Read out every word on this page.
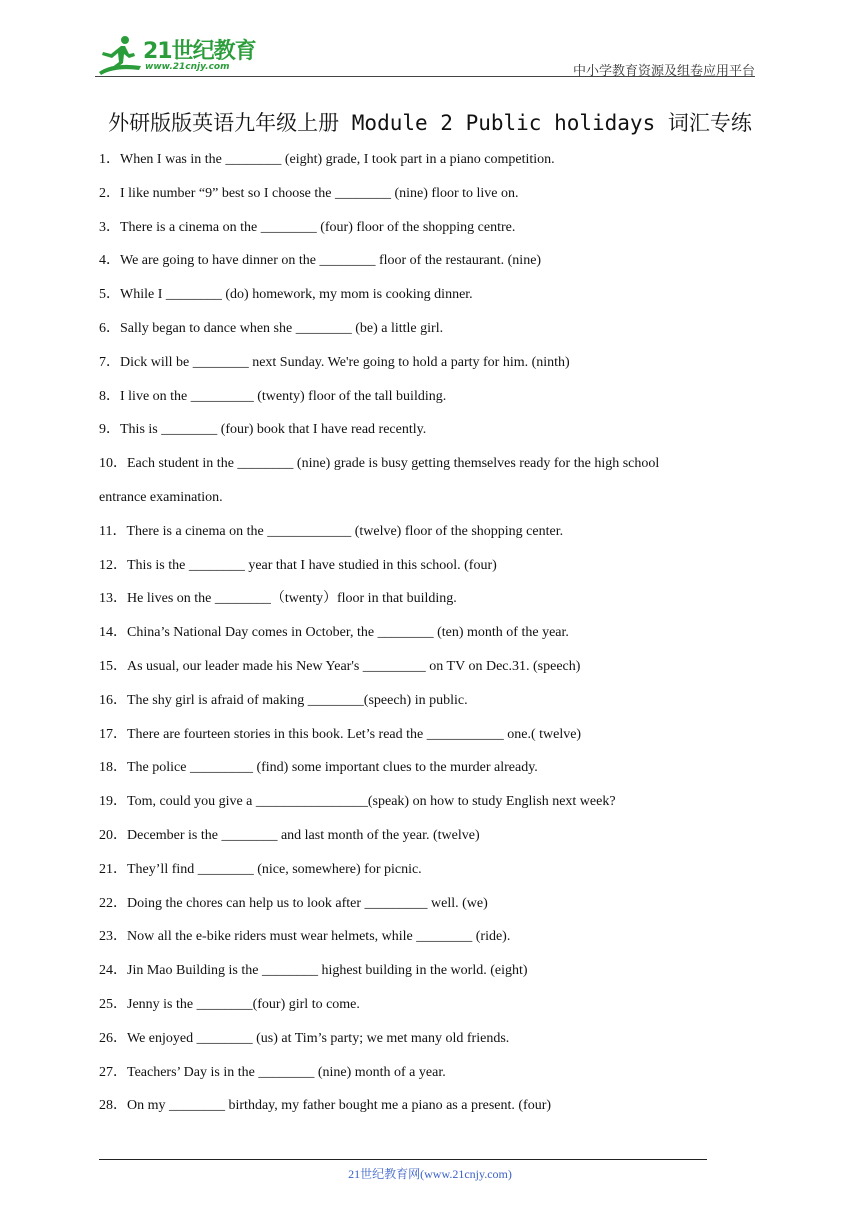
21世纪教育
www.21cnjy.com	中小学教育资源及组卷应用平台
外研版版英语九年级上册 Module 2 Public holidays 词汇专练
1．When I was in the ________ (eight) grade, I took part in a piano competition.
2．I like number “9” best so I choose the ________ (nine) floor to live on.
3．There is a cinema on the ________ (four) floor of the shopping centre.
4．We are going to have dinner on the ________ floor of the restaurant. (nine)
5．While I ________ (do) homework, my mom is cooking dinner.
6．Sally began to dance when she ________ (be) a little girl.
7．Dick will be ________ next Sunday. We're going to hold a party for him. (ninth)
8．I live on the _________ (twenty) floor of the tall building.
9．This is ________ (four) book that I have read recently.
10．Each student in the ________ (nine) grade is busy getting themselves ready for the high school
entrance examination.
11．There is a cinema on the ____________ (twelve) floor of the shopping center.
12．This is the ________ year that I have studied in this school. (four)
13．He lives on the ________（twenty）floor in that building.
14．China’s National Day comes in October, the ________ (ten) month of the year.
15．As usual, our leader made his New Year's _________ on TV on Dec.31. (speech)
16．The shy girl is afraid of making ________(speech) in public.
17．There are fourteen stories in this book. Let’s read the ___________ one.( twelve)
18．The police _________ (find) some important clues to the murder already.
19．Tom, could you give a ________________(speak) on how to study English next week?
20．December is the ________ and last month of the year. (twelve)
21．They’ll find ________ (nice, somewhere) for picnic.
22．Doing the chores can help us to look after _________ well. (we)
23．Now all the e-bike riders must wear helmets, while ________ (ride).
24．Jin Mao Building is the ________ highest building in the world. (eight)
25．Jenny is the ________(four) girl to come.
26．We enjoyed ________ (us) at Tim’s party; we met many old friends.
27．Teachers’ Day is in the ________ (nine) month of a year.
28．On my ________ birthday, my father bought me a piano as a present. (four)
21世纪教育网(www.21cnjy.com)
